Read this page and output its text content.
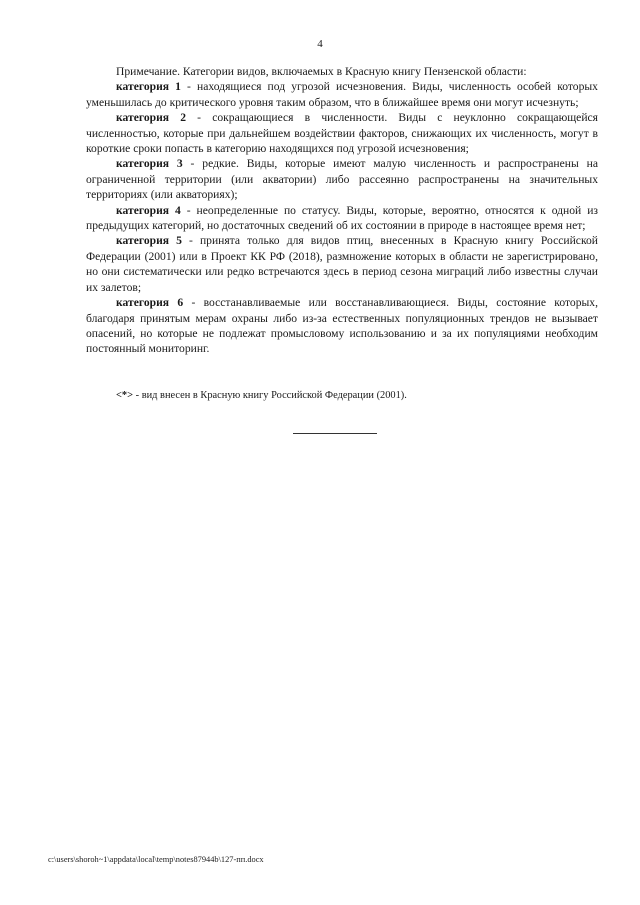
4

Примечание. Категории видов, включаемых в Красную книгу Пензенской области:

категория 1 - находящиеся под угрозой исчезновения. Виды, численность особей которых уменьшилась до критического уровня таким образом, что в ближайшее время они могут исчезнуть;

категория 2 - сокращающиеся в численности. Виды с неуклонно сокращающейся численностью, которые при дальнейшем воздействии факторов, снижающих их численность, могут в короткие сроки попасть в категорию находящихся под угрозой исчезновения;

категория 3 - редкие. Виды, которые имеют малую численность и распространены на ограниченной территории (или акватории) либо рассеянно распространены на значительных территориях (или акваториях);

категория 4 - неопределенные по статусу. Виды, которые, вероятно, относятся к одной из предыдущих категорий, но достаточных сведений об их состоянии в природе в настоящее время нет;

категория 5 - принята только для видов птиц, внесенных в Красную книгу Российской Федерации (2001) или в Проект КК РФ (2018), размножение которых в области не зарегистрировано, но они систематически или редко встречаются здесь в период сезона миграций либо известны случаи их залетов;

категория 6 - восстанавливаемые или восстанавливающиеся. Виды, состояние которых, благодаря принятым мерам охраны либо из-за естественных популяционных трендов не вызывает опасений, но которые не подлежат промысловому использованию и за их популяциями необходим постоянный мониторинг.

<*> - вид внесен в Красную книгу Российской Федерации (2001).
c:\users\shoroh~1\appdata\local\temp\notes87944b\127-пп.docx
